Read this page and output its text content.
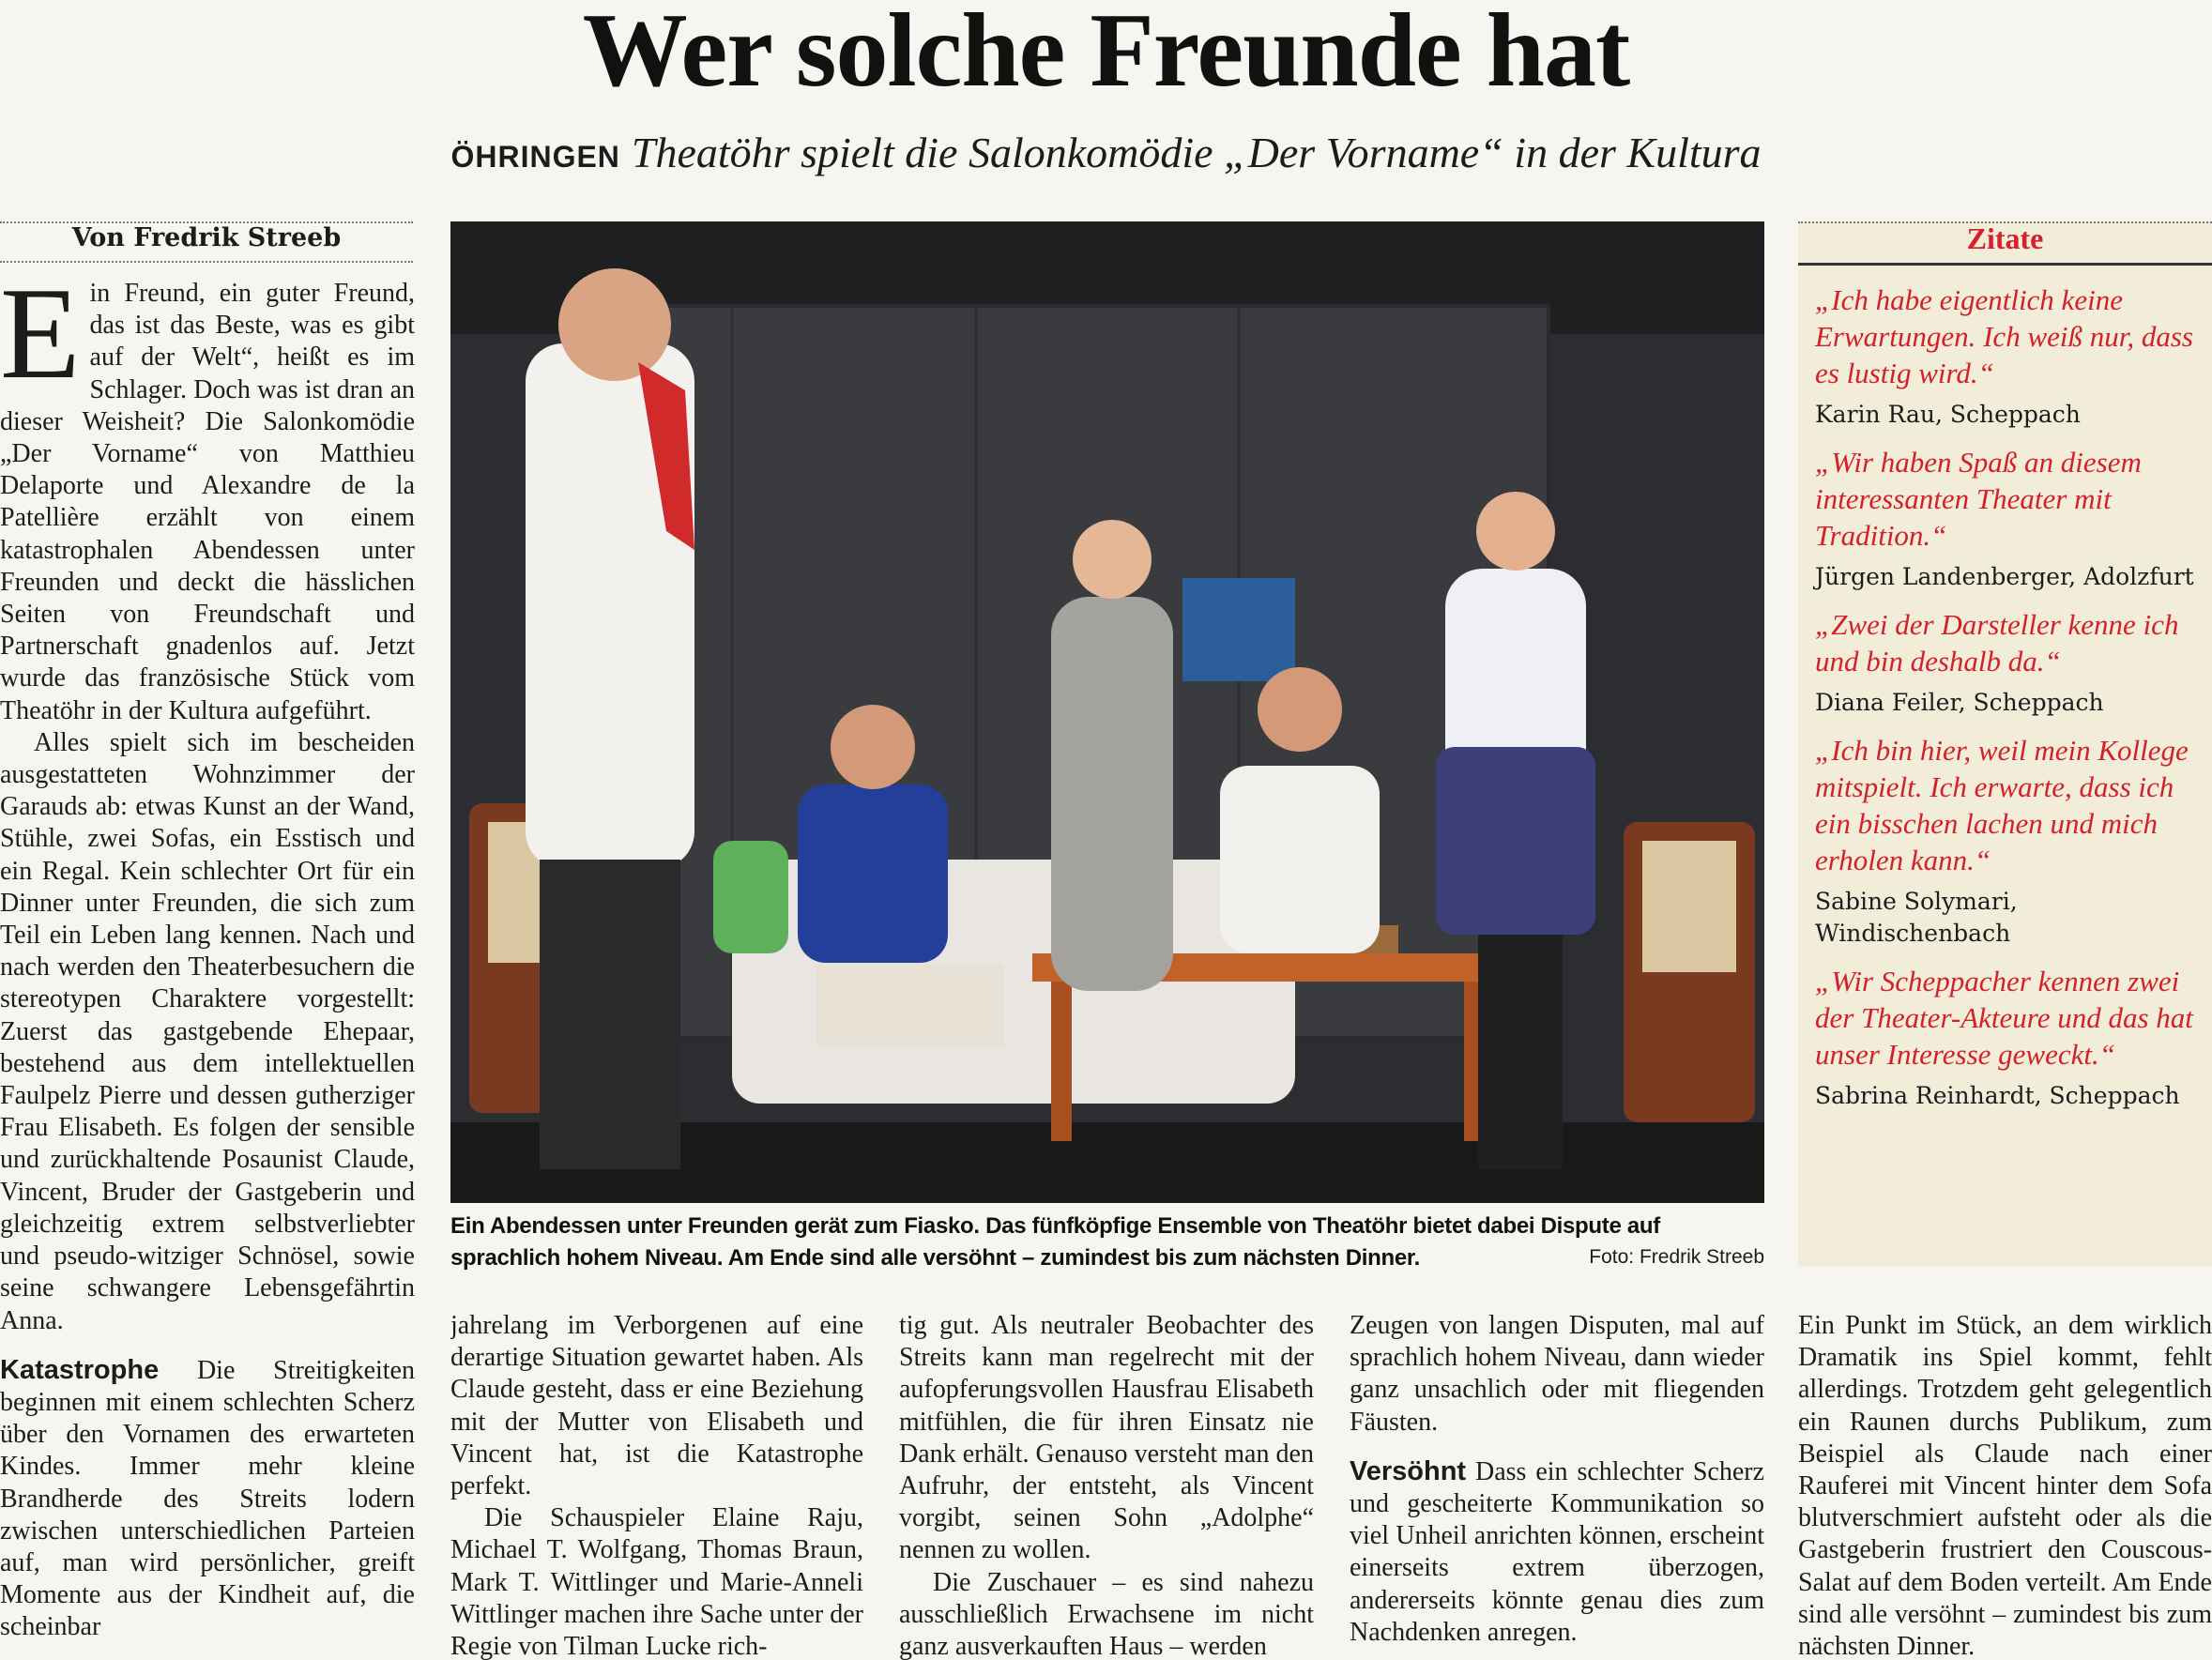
Wer solche Freunde hat
ÖHRINGEN Theatöhr spielt die Salonkomödie „Der Vorname“ in der Kultura
Von Fredrik Streeb
E in Freund, ein guter Freund, das ist das Beste, was es gibt auf der Welt“, heißt es im Schlager. Doch was ist dran an dieser Weisheit? Die Salonkomödie „Der Vorname“ von Matthieu Delaporte und Alexandre de la Patellière erzählt von einem katastrophalen Abendessen unter Freunden und deckt die hässlichen Seiten von Freundschaft und Partnerschaft gnadenlos auf. Jetzt wurde das französische Stück vom Theatöhr in der Kultura aufgeführt.

Alles spielt sich im bescheiden ausgestatteten Wohnzimmer der Garauds ab: etwas Kunst an der Wand, Stühle, zwei Sofas, ein Esstisch und ein Regal. Kein schlechter Ort für ein Dinner unter Freunden, die sich zum Teil ein Leben lang kennen. Nach und nach werden den Theaterbesuchern die stereotypen Charaktere vorgestellt: Zuerst das gastgebende Ehepaar, bestehend aus dem intellektuellen Faulpelz Pierre und dessen gutherziger Frau Elisabeth. Es folgen der sensible und zurückhaltende Posaunist Claude, Vincent, Bruder der Gastgeberin und gleichzeitig extrem selbstverliebter und pseudo-witziger Schnösel, sowie seine schwangere Lebensgefährtin Anna.

Katastrophe Die Streitigkeiten beginnen mit einem schlechten Scherz über den Vornamen des erwarteten Kindes. Immer mehr kleine Brandherde des Streits lodern zwischen unterschiedlichen Parteien auf, man wird persönlicher, greift Momente aus der Kindheit auf, die scheinbar

Ein Abendessen unter Freunden gerät zum Fiasko. Das fünfköpfige Ensemble von Theatöhr bietet dabei Dispute auf sprachlich hohem Niveau. Am Ende sind alle versöhnt – zumindest bis zum nächsten Dinner.	Foto: Fredrik Streeb
Zitate
„Ich habe eigentlich keine Erwartungen. Ich weiß nur, dass es lustig wird.“
Karin Rau, Scheppach
„Wir haben Spaß an diesem interessanten Theater mit Tradition.“
Jürgen Landenberger, Adolzfurt
„Zwei der Darsteller kenne ich und bin deshalb da.“
Diana Feiler, Scheppach
„Ich bin hier, weil mein Kollege mitspielt. Ich erwarte, dass ich ein bisschen lachen und mich erholen kann.“
Sabine Solymari, Windischenbach
„Wir Scheppacher kennen zwei der Theater-Akteure und das hat unser Interesse geweckt.“
Sabrina Reinhardt, Scheppach

jahrelang im Verborgenen auf eine derartige Situation gewartet haben. Als Claude gesteht, dass er eine Beziehung mit der Mutter von Elisabeth und Vincent hat, ist die Katastrophe perfekt.

Die Schauspieler Elaine Raju, Michael T. Wolfgang, Thomas Braun, Mark T. Wittlinger und Marie-Anneli Wittlinger machen ihre Sache unter der Regie von Tilman Lucke rich-

tig gut. Als neutraler Beobachter des Streits kann man regelrecht mit der aufopferungsvollen Hausfrau Elisabeth mitfühlen, die für ihren Einsatz nie Dank erhält. Genauso versteht man den Aufruhr, der entsteht, als Vincent vorgibt, seinen Sohn „Adolphe“ nennen zu wollen.

Die Zuschauer – es sind nahezu ausschließlich Erwachsene im nicht ganz ausverkauften Haus – werden

Zeugen von langen Disputen, mal auf sprachlich hohem Niveau, dann wieder ganz unsachlich oder mit fliegenden Fäusten.

Versöhnt Dass ein schlechter Scherz und gescheiterte Kommunikation so viel Unheil anrichten können, erscheint einerseits extrem überzogen, andererseits könnte genau dies zum Nachdenken anregen.

Ein Punkt im Stück, an dem wirklich Dramatik ins Spiel kommt, fehlt allerdings. Trotzdem geht gelegentlich ein Raunen durchs Publikum, zum Beispiel als Claude nach einer Rauferei mit Vincent hinter dem Sofa blutverschmiert aufsteht oder als die Gastgeberin frustriert den Couscous-Salat auf dem Boden verteilt. Am Ende sind alle versöhnt – zumindest bis zum nächsten Dinner.
